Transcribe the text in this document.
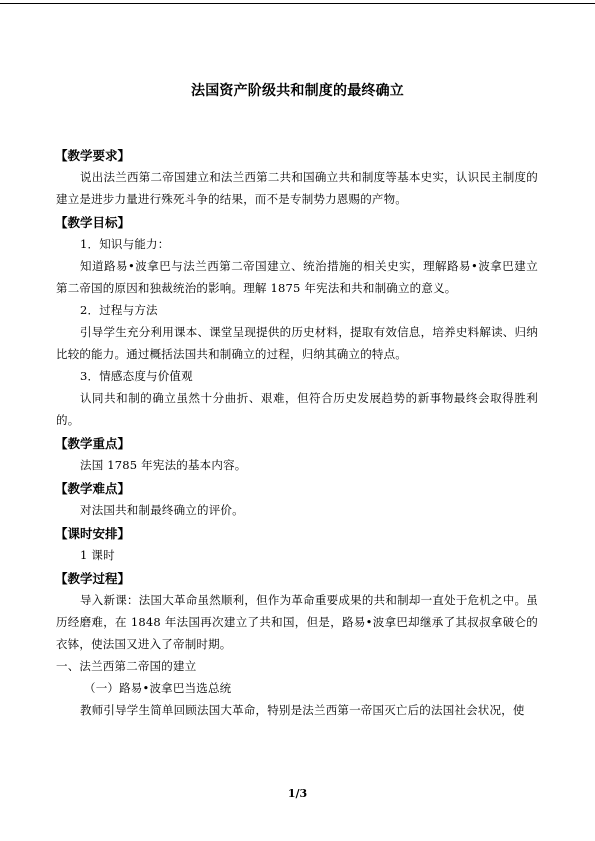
法国资产阶级共和制度的最终确立
【教学要求】

说出法兰西第二帝国建立和法兰西第二共和国确立共和制度等基本史实，认识民主制度的建立是进步力量进行殊死斗争的结果，而不是专制势力恩赐的产物。

【教学目标】

1．知识与能力：

知道路易•波拿巴与法兰西第二帝国建立、统治措施的相关史实，理解路易•波拿巴建立第二帝国的原因和独裁统治的影响。理解 1875 年宪法和共和制确立的意义。

2．过程与方法

引导学生充分利用课本、课堂呈现提供的历史材料，提取有效信息，培养史料解读、归纳比较的能力。通过概括法国共和制确立的过程，归纳其确立的特点。

3．情感态度与价值观

认同共和制的确立虽然十分曲折、艰难，但符合历史发展趋势的新事物最终会取得胜利的。

【教学重点】

法国 1785 年宪法的基本内容。

【教学难点】

对法国共和制最终确立的评价。

【课时安排】

1 课时

【教学过程】

导入新课：法国大革命虽然顺利，但作为革命重要成果的共和制却一直处于危机之中。虽历经磨难，在 1848 年法国再次建立了共和国，但是，路易•波拿巴却继承了其叔叔拿破仑的衣钵，使法国又进入了帝制时期。

一、法兰西第二帝国的建立

（一）路易•波拿巴当选总统

教师引导学生简单回顾法国大革命，特别是法兰西第一帝国灭亡后的法国社会状况，使

1/3
